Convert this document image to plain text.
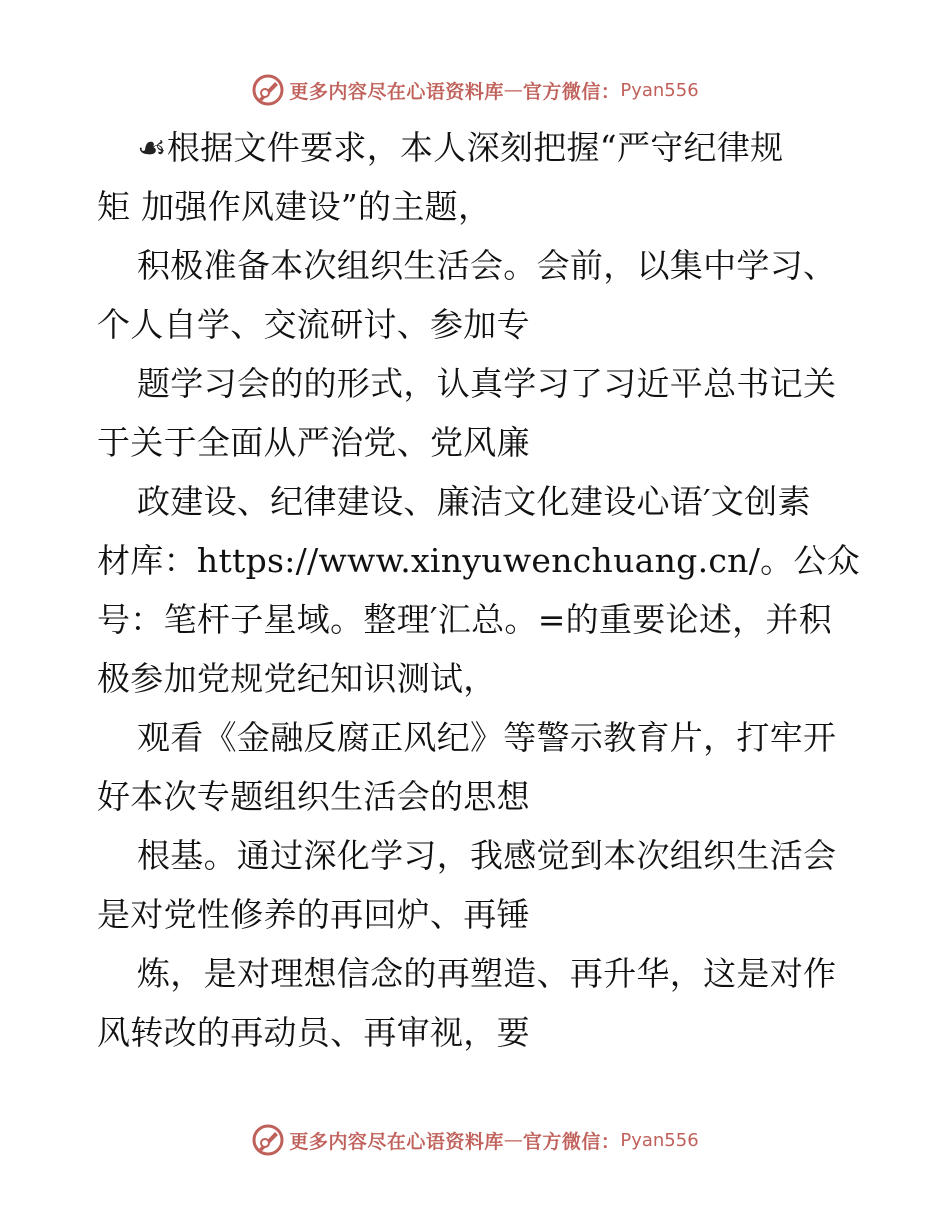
更多内容尽在心语资料库 — 官方微信： Pyan556
☙根据文件要求，本人深刻把握“严守纪律规
矩 加强作风建设”的主题，
积极准备本次组织生活会。会前，以集中学习、
个人自学、交流研讨、参加专
题学习会的的形式，认真学习了习近平总书记关
于关于全面从严治党、党风廉
政建设、纪律建设、廉洁文化建设心语′文创素
材库：https://www.xinyuwenchuang.cn/。公众
号：笔杆子星域。整理′汇总。=的重要论述，并积
极参加党规党纪知识测试，
观看《金融反腐正风纪》等警示教育片，打牢开
好本次专题组织生活会的思想
根基。通过深化学习，我感觉到本次组织生活会
是对党性修养的再回炉、再锤
炼，是对理想信念的再塑造、再升华，这是对作
风转改的再动员、再审视，要
更多内容尽在心语资料库 — 官方微信： Pyan556
